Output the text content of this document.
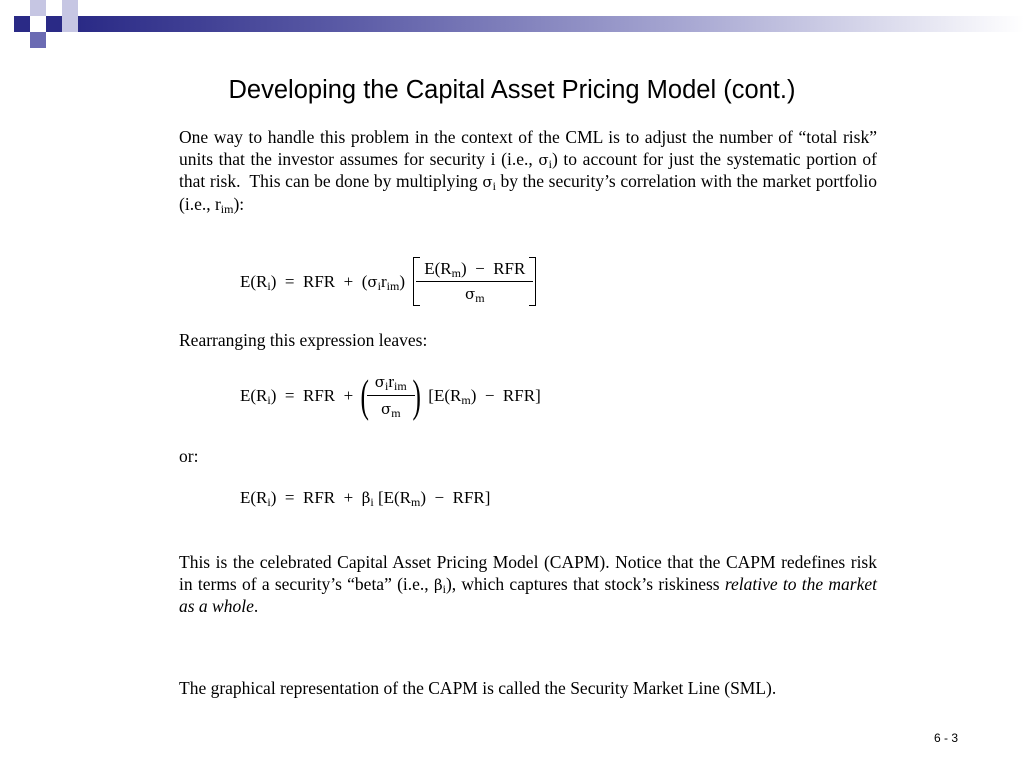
Developing the Capital Asset Pricing Model (cont.)
One way to handle this problem in the context of the CML is to adjust the number of “total risk” units that the investor assumes for security i (i.e., $\sigma_i$) to account for just the systematic portion of that risk.  This can be done by multiplying $\sigma_i$ by the security’s correlation with the market portfolio (i.e., $r_{im}$):
$E(R_i)$  =  RFR  +  $(\sigma_ir_{im}) \frac{E(R_m) - RFR}{\sigma_m}$
Rearranging this expression leaves:
$E(R_i)$  =  RFR  + (
$\frac{\sigma_ir_{im}}{\sigma_m}$
) $[E(R_m) - RFR]$
or:
$E(R_i)$  =  RFR  +  $\beta_i$ $[E(R_m) - RFR]$
This is the celebrated Capital Asset Pricing Model (CAPM). Notice that the CAPM redefines risk in terms of a security’s “beta” (i.e., $\beta_i$), which captures that stock’s riskiness relative to the market as a whole.
The graphical representation of the CAPM is called the Security Market Line (SML).
6 - 3
